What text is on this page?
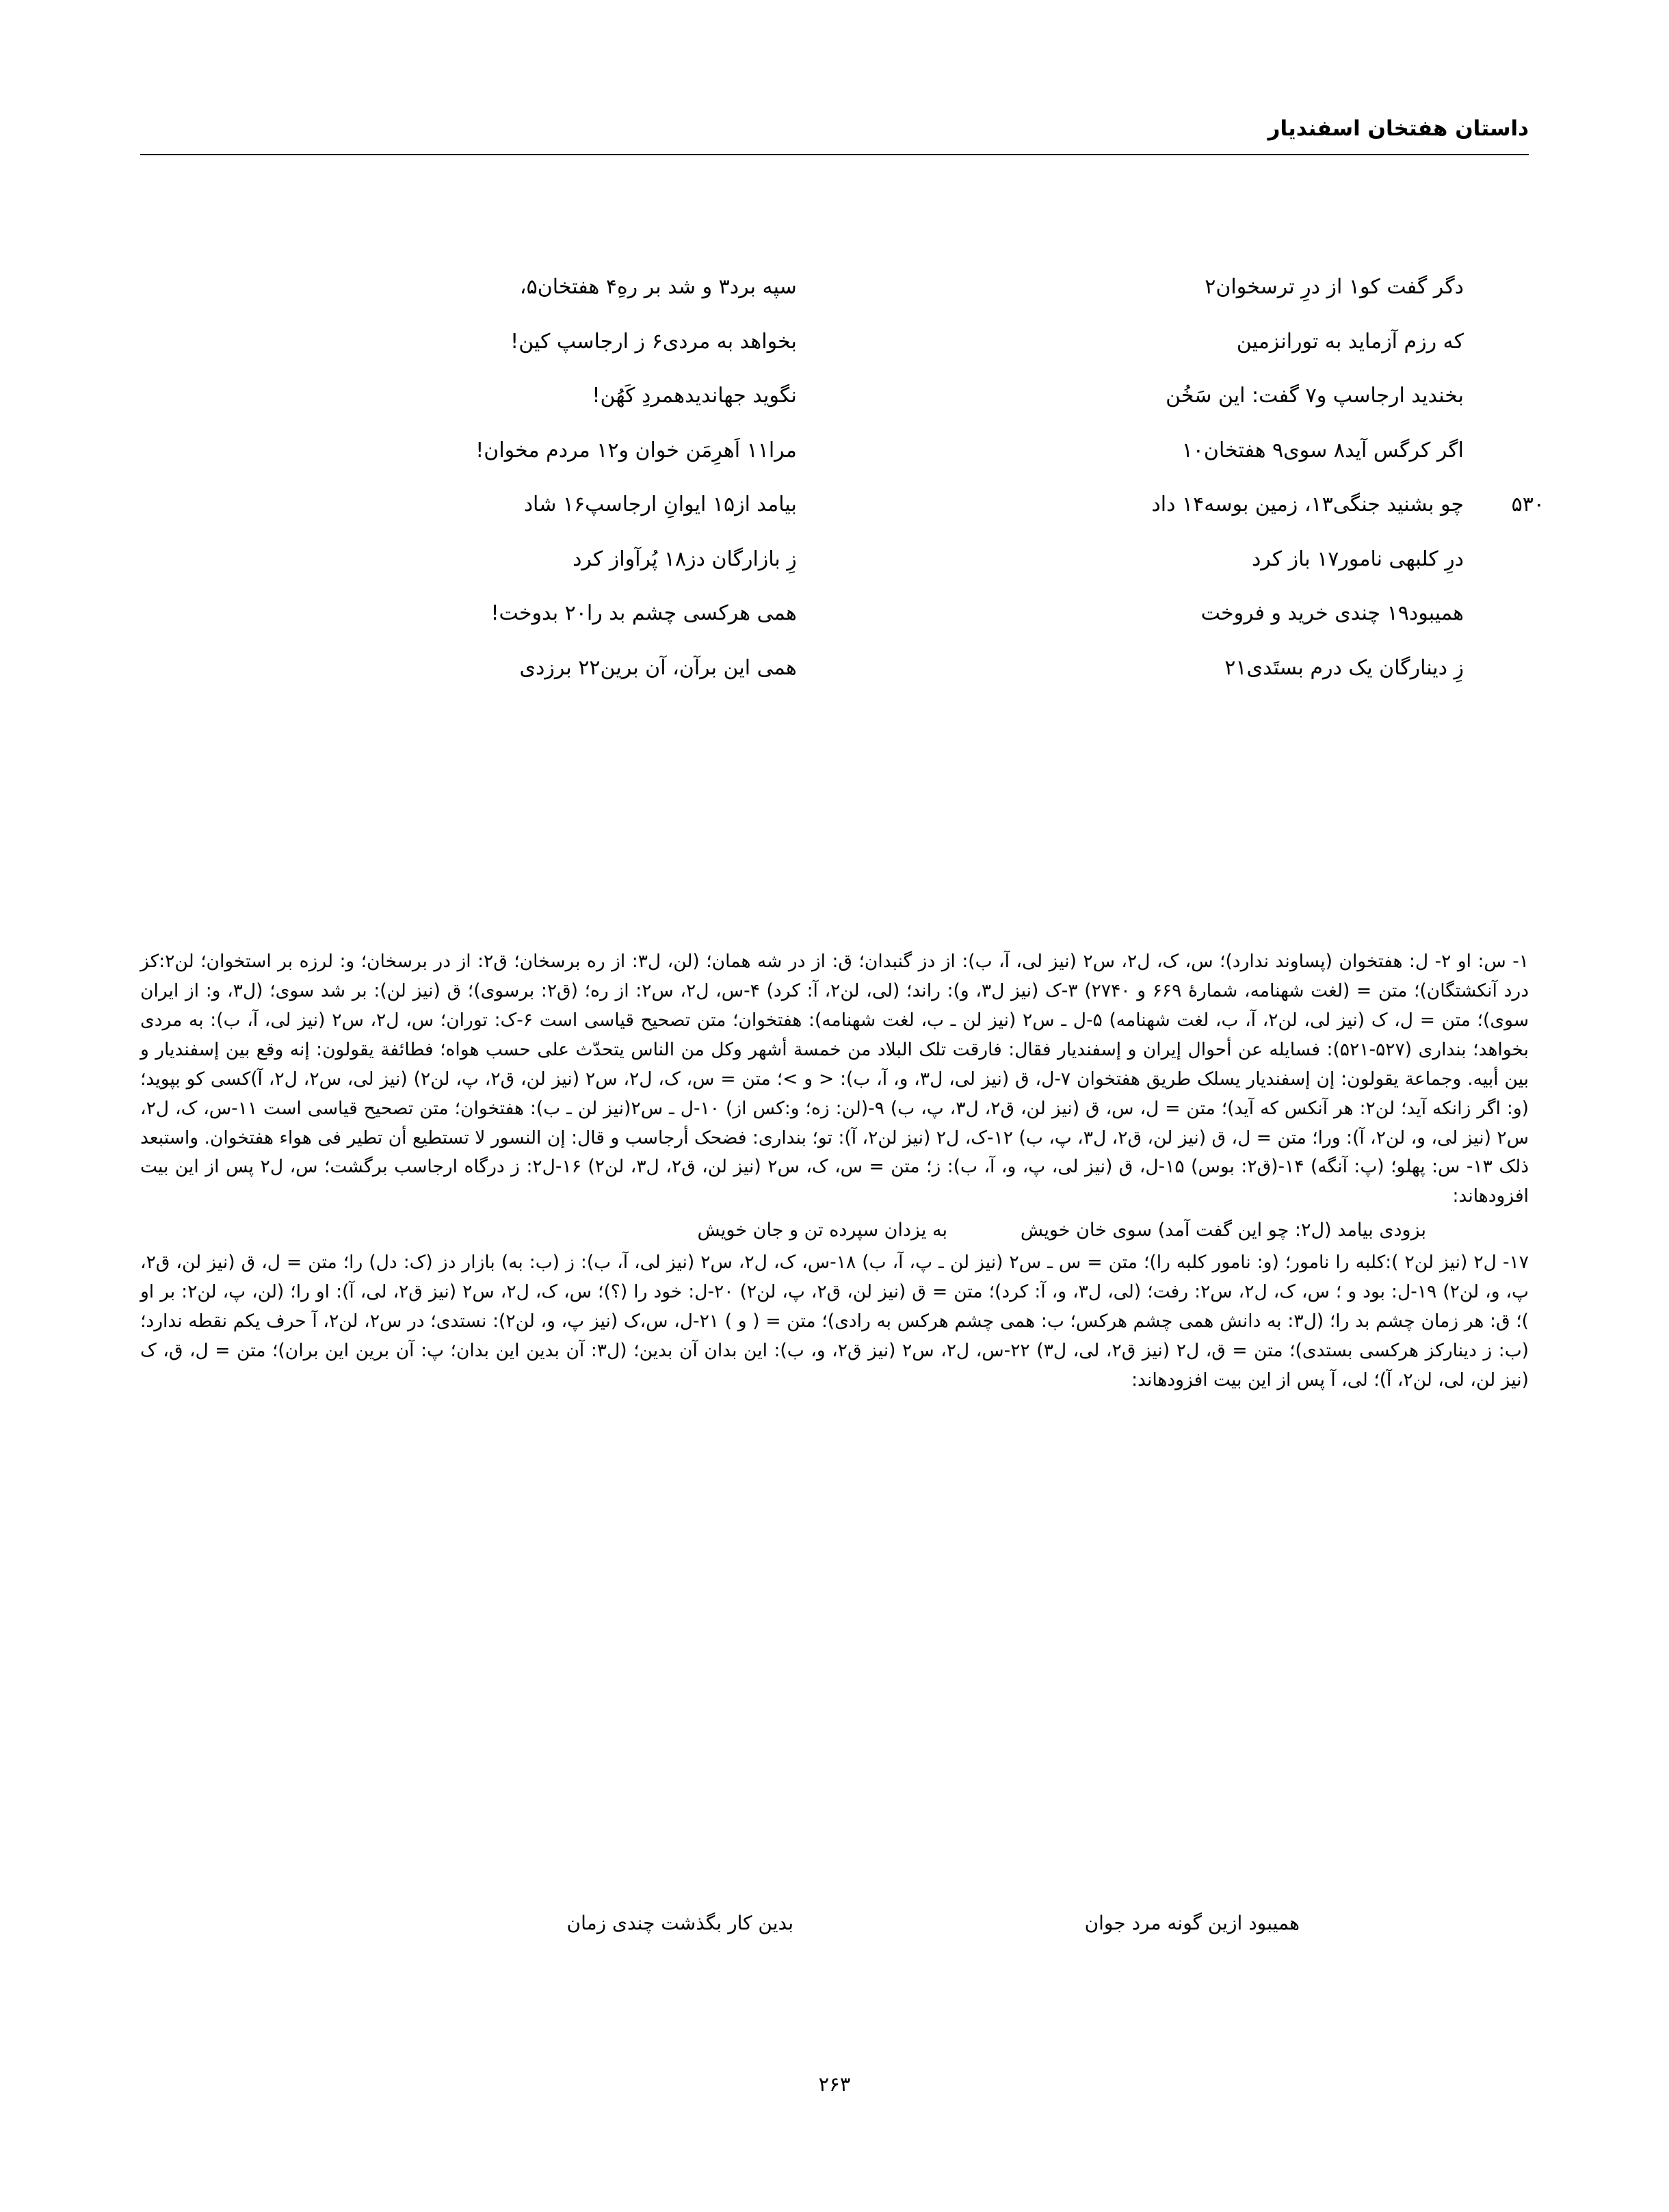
داستان هفتخان اسفندیار
دگر گفت کو١ از درِ ترسخوان٢
سپه برد٣ و شد بر رهِ۴ هفتخان۵،
که رزم آزماید به تورانزمین
بخواهد به مردی۶ ز ارجاسپ کین!
بخندید ارجاسپ و٧ گفت: این سَخُن
نگوید جهاندیدهمردِ کَهُن!
اگر کرگس آید٨ سوی٩ هفتخان١٠
مرا١١ اَهرِمَن خوان و١٢ مردم مخوان!
۵۳۰
چو بشنید جنگی١٣، زمین بوسه١۴ داد
بیامد از١۵ ایوانِ ارجاسپ١۶ شاد
درِ کلبهی نامور١٧ باز کرد
زِ بازارگان دز١٨ پُرآواز کرد
همیبود١٩ چندی خرید و فروخت
همی هرکسی چشم بد را٢٠ بدوخت!
زِ دینارگان یک درم بستَدی٢١
همی این برآن، آن برین٢٢ برزدی

١- س: او ٢- ل: هفتخوان (پساوند ندارد)؛ س، ک، ل٢، س٢ (نیز لی، آ، ب): از دز گنبدان؛ ق: از در شه همان؛ (لن، ل٣: از ره برسخان؛ ق٢: از در برسخان؛ و: لرزه بر استخوان؛ لن٢:کز درد آنکشتگان)؛ متن = (لغت شهنامه، شمارهٔ ۶۶۹ و ۲۷۴۰) ٣-ک (نیز ل٣، و): راند؛ (لی، لن٢، آ: کرد) ۴-س، ل٢، س٢: از ره؛ (ق٢: برسوی)؛ ق (نیز لن): بر شد سوی؛ (ل٣، و: از ایران سوی)؛ متن = ل، ک (نیز لی، لن٢، آ، ب، لغت شهنامه) ۵-ل ـ س٢ (نیز لن ـ ب، لغت شهنامه): هفتخوان؛ متن تصحیح قیاسی است ۶-ک: توران؛ س، ل٢، س٢ (نیز لی، آ، ب): به مردی بخواهد؛ بنداری (۵۲۷-۵۲۱): فسایله عن أحوال إیران و إسفندیار فقال: فارقت تلک البلاد من خمسة أشهر وکل من الناس یتحدّث علی حسب هواه؛ فطائفة یقولون: إنه وقع بین إسفندیار و بین أبیه. وجماعة یقولون: إن إسفندیار یسلک طریق هفتخوان ٧-ل، ق (نیز لی، ل٣، و، آ، ب): < و >؛ متن = س، ک، ل٢، س٢ (نیز لن، ق٢، پ، لن٢) (نیز لی، س٢، ل٢، آ)کسی کو بپوید؛ (و: اگر زانکه آید؛ لن٢: هر آنکس که آید)؛ متن = ل، س، ق (نیز لن، ق٢، ل٣، پ، ب) ٩-(لن: زه؛ و:کس از) ١٠-ل ـ س٢(نیز لن ـ ب): هفتخوان؛ متن تصحیح قیاسی است ١١-س، ک، ل٢، س٢ (نیز لی، و، لن٢، آ): ورا؛ متن = ل، ق (نیز لن، ق٢، ل٣، پ، ب) ١٢-ک، ل٢ (نیز لن٢، آ): تو؛ بنداری: فضحک أرجاسب و قال: إن النسور لا تستطیع أن تطیر فی هواء هفتخوان. واستبعد ذلک ١٣- س: پهلو؛ (پ: آنگه) ١۴-(ق٢: بوس) ١۵-ل، ق (نیز لی، پ، و، آ، ب): ز؛ متن = س، ک، س٢ (نیز لن، ق٢، ل٣، لن٢) ١۶-ل٢: ز درگاه ارجاسب برگشت؛ س، ل٢ پس از این بیت افزودهاند:

بزودی بیامد (ل٢: چو این گفت آمد) سوی خان خویش
به یزدان سپرده تن و جان خویش

١٧- ل٢ (نیز لن٢ ):کلبه را نامور؛ (و: نامور کلبه را)؛ متن = س ـ س٢ (نیز لن ـ پ، آ، ب) ١٨-س، ک، ل٢، س٢ (نیز لی، آ، ب): ز (ب: به) بازار دز (ک: دل) را؛ متن = ل، ق (نیز لن، ق٢، پ، و، لن٢) ١٩-ل: بود و ؛ س، ک، ل٢، س٢: رفت؛ (لی، ل٣، و، آ: کرد)؛ متن = ق (نیز لن، ق٢، پ، لن٢) ٢٠-ل: خود را (؟)؛ س، ک، ل٢، س٢ (نیز ق٢، لی، آ): او را؛ (لن، پ، لن٢: بر او )؛ ق: هر زمان چشم بد را؛ (ل٣: به دانش همی چشم هرکس؛ ب: همی چشم هرکس به رادی)؛ متن = ( و ) ٢١-ل، س،ک (نیز پ، و، لن٢): نستدی؛ در س٢، لن٢، آ حرف یکم نقطه ندارد؛ (ب: ز دینارکز هرکسی بستدی)؛ متن = ق، ل٢ (نیز ق٢، لی، ل٣) ٢٢-س، ل٢، س٢ (نیز ق٢، و، ب): این بدان آن بدین؛ (ل٣: آن بدین این بدان؛ پ: آن برین این بران)؛ متن = ل، ق، ک (نیز لن، لی، لن٢، آ)؛ لی، آ پس از این بیت افزودهاند:

همیبود ازین گونه مرد جوان
بدین کار بگذشت چندی زمان
۲۶۳
